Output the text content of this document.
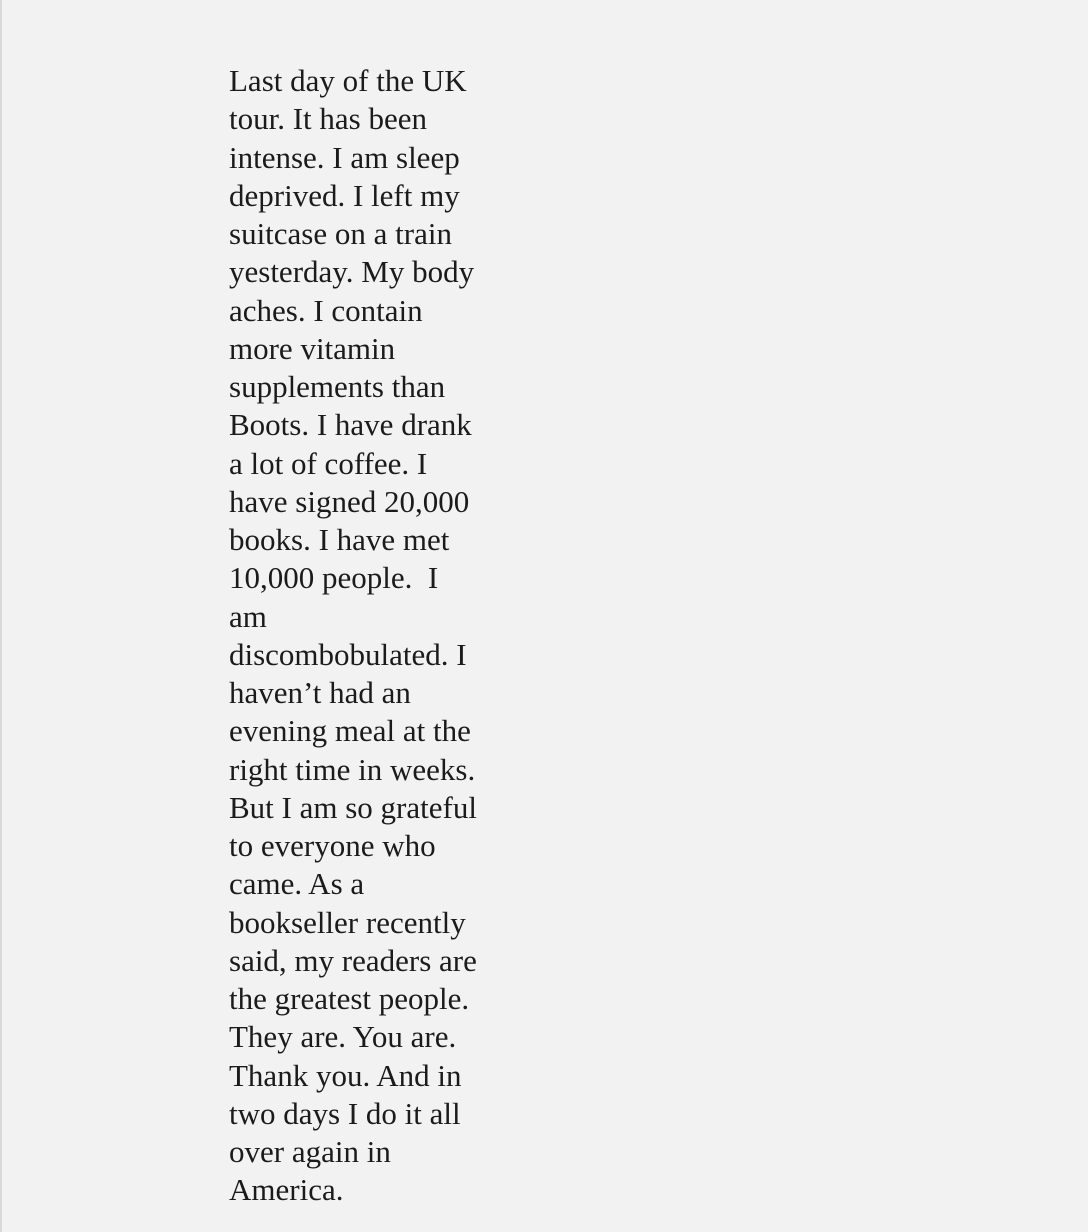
Last day of the UK
tour. It has been
intense. I am sleep
deprived. I left my
suitcase on a train
yesterday. My body
aches. I contain
more vitamin
supplements than
Boots. I have drank
a lot of coffee. I
have signed 20,000
books. I have met
10,000 people.  I
am
discombobulated. I
haven’t had an
evening meal at the
right time in weeks.
But I am so grateful
to everyone who
came. As a
bookseller recently
said, my readers are
the greatest people.
They are. You are.
Thank you. And in
two days I do it all
over again in
America.
